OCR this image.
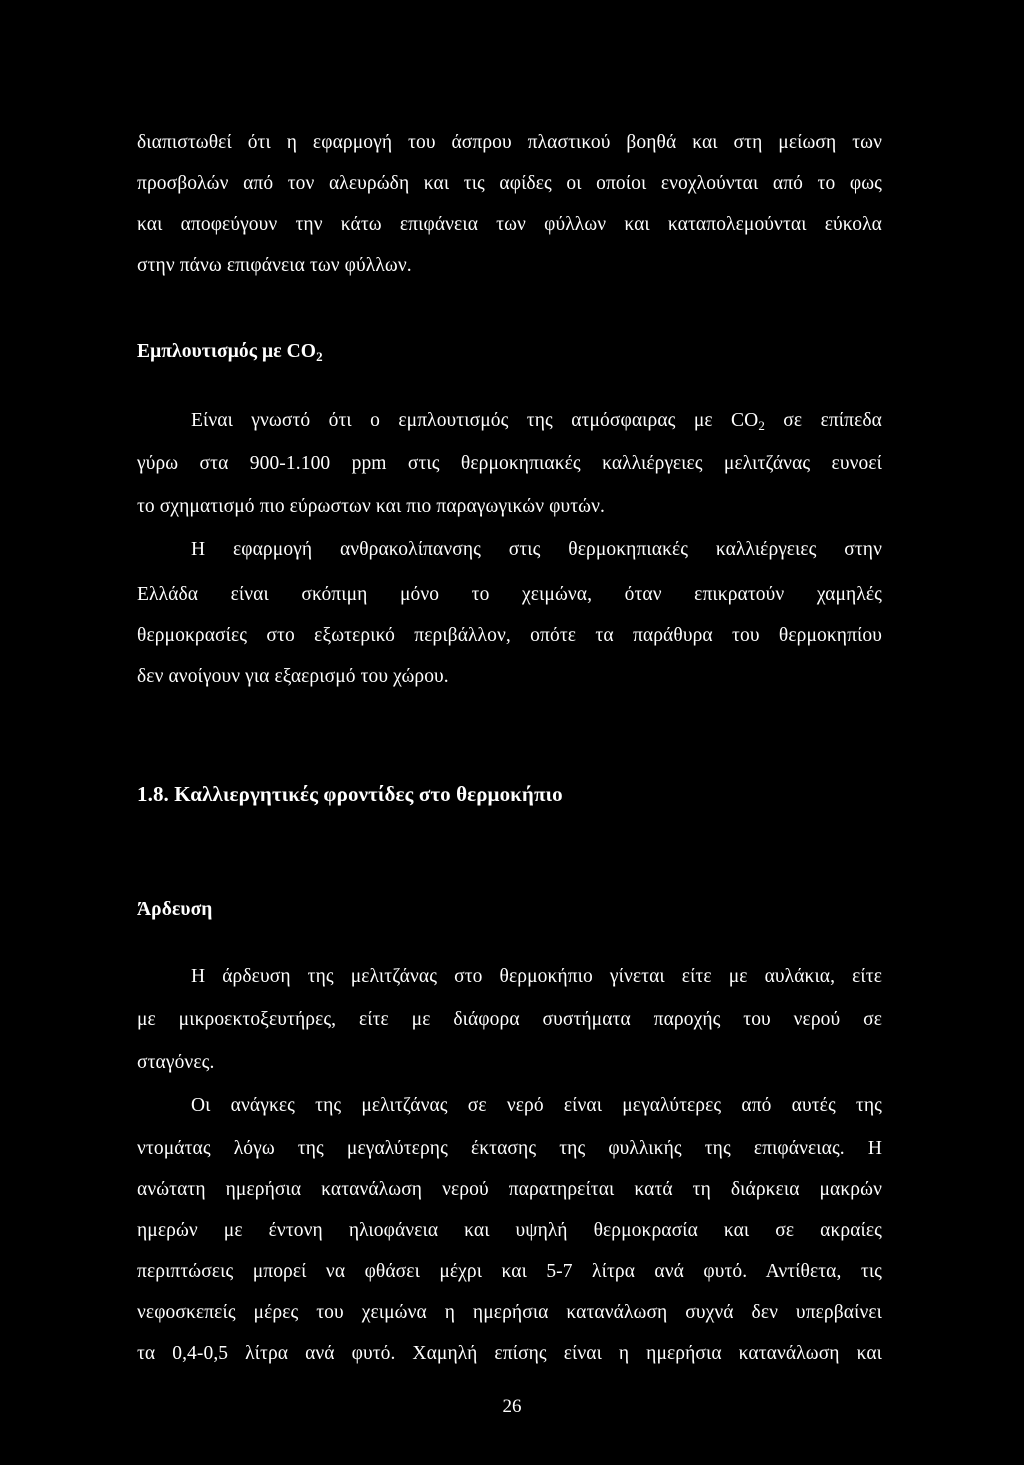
διαπιστωθεί ότι η εφαρμογή του άσπρου πλαστικού βοηθά και στη μείωση των
προσβολών από τον αλευρώδη και τις αφίδες οι οποίοι ενοχλούνται από το φως
και αποφεύγουν την κάτω επιφάνεια των φύλλων και καταπολεμούνται εύκολα
στην πάνω επιφάνεια των φύλλων.
Εμπλουτισμός με $CO_2$
Είναι γνωστό ότι ο εμπλουτισμός της ατμόσφαιρας με $CO_2$ σε επίπεδα
γύρω στα 900-1.100 ppm στις θερμοκηπιακές καλλιέργειες μελιτζάνας ευνοεί
το σχηματισμό πιο εύρωστων και πιο παραγωγικών φυτών.
Η εφαρμογή ανθρακολίπανσης στις θερμοκηπιακές καλλιέργειες στην
Ελλάδα είναι σκόπιμη μόνο το χειμώνα, όταν επικρατούν χαμηλές
θερμοκρασίες στο εξωτερικό περιβάλλον, οπότε τα παράθυρα του θερμοκηπίου
δεν ανοίγουν για εξαερισμό του χώρου.
1.8. Καλλιεργητικές φροντίδες στο θερμοκήπιο
Άρδευση
Η άρδευση της μελιτζάνας στο θερμοκήπιο γίνεται είτε με αυλάκια, είτε
με μικροεκτοξευτήρες, είτε με διάφορα συστήματα παροχής του νερού σε
σταγόνες.
Οι ανάγκες της μελιτζάνας σε νερό είναι μεγαλύτερες από αυτές της
ντομάτας λόγω της μεγαλύτερης έκτασης της φυλλικής της επιφάνειας. Η
ανώτατη ημερήσια κατανάλωση νερού παρατηρείται κατά τη διάρκεια μακρών
ημερών με έντονη ηλιοφάνεια και υψηλή θερμοκρασία και σε ακραίες
περιπτώσεις μπορεί να φθάσει μέχρι και 5-7 λίτρα ανά φυτό. Αντίθετα, τις
νεφοσκεπείς μέρες του χειμώνα η ημερήσια κατανάλωση συχνά δεν υπερβαίνει
τα 0,4-0,5 λίτρα ανά φυτό. Χαμηλή επίσης είναι η ημερήσια κατανάλωση και
26
